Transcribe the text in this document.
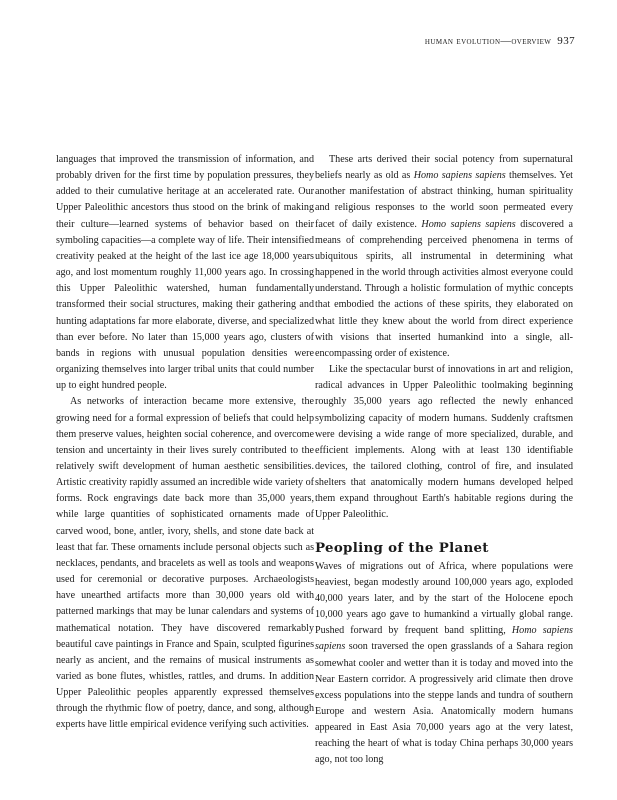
human evolution—overview 937

languages that improved the transmission of information, and probably driven for the first time by population pressures, they added to their cumulative heritage at an accelerated rate. Our Upper Paleolithic ancestors thus stood on the brink of making their culture—learned systems of behavior based on their symboling capacities—a complete way of life. Their intensified creativity peaked at the height of the last ice age 18,000 years ago, and lost momentum roughly 11,000 years ago. In crossing this Upper Paleolithic watershed, human fundamentally transformed their social structures, making their gathering and hunting adaptations far more elaborate, diverse, and specialized than ever before. No later than 15,000 years ago, clusters of bands in regions with unusual population densities were organizing themselves into larger tribal units that could number up to eight hundred people.

As networks of interaction became more extensive, the growing need for a formal expression of beliefs that could help them preserve values, heighten social coherence, and overcome tension and uncertainty in their lives surely contributed to the relatively swift development of human aesthetic sensibilities. Artistic creativity rapidly assumed an incredible wide variety of forms. Rock engravings date back more than 35,000 years, while large quantities of sophisticated ornaments made of carved wood, bone, antler, ivory, shells, and stone date back at least that far. These ornaments include personal objects such as necklaces, pendants, and bracelets as well as tools and weapons used for ceremonial or decorative purposes. Archaeologists have unearthed artifacts more than 30,000 years old with patterned markings that may be lunar calendars and systems of mathematical notation. They have discovered remarkably beautiful cave paintings in France and Spain, sculpted figurines nearly as ancient, and the remains of musical instruments as varied as bone flutes, whistles, rattles, and drums. In addition Upper Paleolithic peoples apparently expressed themselves through the rhythmic flow of poetry, dance, and song, although experts have little empirical evidence verifying such activities.

These arts derived their social potency from supernatural beliefs nearly as old as Homo sapiens sapiens themselves. Yet another manifestation of abstract thinking, human spirituality and religious responses to the world soon permeated every facet of daily existence. Homo sapiens sapiens discovered a means of comprehending perceived phenomena in terms of ubiquitous spirits, all instrumental in determining what happened in the world through activities almost everyone could understand. Through a holistic formulation of mythic concepts that embodied the actions of these spirits, they elaborated on what little they knew about the world from direct experience with visions that inserted humankind into a single, all-encompassing order of existence.

Like the spectacular burst of innovations in art and religion, radical advances in Upper Paleolithic toolmaking beginning roughly 35,000 years ago reflected the newly enhanced symbolizing capacity of modern humans. Suddenly craftsmen were devising a wide range of more specialized, durable, and efficient implements. Along with at least 130 identifiable devices, the tailored clothing, control of fire, and insulated shelters that anatomically modern humans developed helped them expand throughout Earth's habitable regions during the Upper Paleolithic.

Peopling of the Planet

Waves of migrations out of Africa, where populations were heaviest, began modestly around 100,000 years ago, exploded 40,000 years later, and by the start of the Holocene epoch 10,000 years ago gave to humankind a virtually global range. Pushed forward by frequent band splitting, Homo sapiens sapiens soon traversed the open grasslands of a Sahara region somewhat cooler and wetter than it is today and moved into the Near Eastern corridor. A progressively arid climate then drove excess populations into the steppe lands and tundra of southern Europe and western Asia. Anatomically modern humans appeared in East Asia 70,000 years ago at the very latest, reaching the heart of what is today China perhaps 30,000 years ago, not too long
